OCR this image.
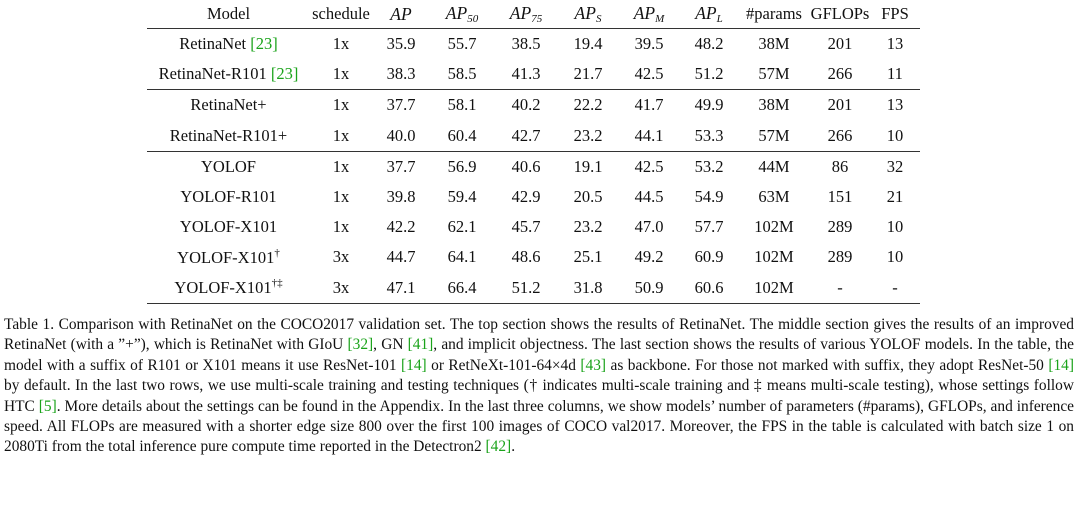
Model	schedule	AP	$AP_{50}$	$AP_{75}$	$AP_S$	$AP_M$	$AP_L$	#params	GFLOPs	FPS
RetinaNet [23]	1x	35.9	55.7	38.5	19.4	39.5	48.2	38M	201	13
RetinaNet-R101 [23]	1x	38.3	58.5	41.3	21.7	42.5	51.2	57M	266	11
RetinaNet+	1x	37.7	58.1	40.2	22.2	41.7	49.9	38M	201	13
RetinaNet-R101+	1x	40.0	60.4	42.7	23.2	44.1	53.3	57M	266	10
YOLOF	1x	37.7	56.9	40.6	19.1	42.5	53.2	44M	86	32
YOLOF-R101	1x	39.8	59.4	42.9	20.5	44.5	54.9	63M	151	21
YOLOF-X101	1x	42.2	62.1	45.7	23.2	47.0	57.7	102M	289	10
YOLOF-X101†	3x	44.7	64.1	48.6	25.1	49.2	60.9	102M	289	10
YOLOF-X101†‡	3x	47.1	66.4	51.2	31.8	50.9	60.6	102M	-	-

Table 1. Comparison with RetinaNet on the COCO2017 validation set. The top section shows the results of RetinaNet. The middle section gives the results of an improved RetinaNet (with a ”+”), which is RetinaNet with GIoU [32], GN [41], and implicit objectness. The last section shows the results of various YOLOF models. In the table, the model with a suffix of R101 or X101 means it use ResNet-101 [14] or RetNeXt-101-64×4d [43] as backbone. For those not marked with suffix, they adopt ResNet-50 [14] by default. In the last two rows, we use multi-scale training and testing techniques († indicates multi-scale training and ‡ means multi-scale testing), whose settings follow HTC [5]. More details about the settings can be found in the Appendix. In the last three columns, we show models’ number of parameters (#params), GFLOPs, and inference speed. All FLOPs are measured with a shorter edge size 800 over the first 100 images of COCO val2017. Moreover, the FPS in the table is calculated with batch size 1 on 2080Ti from the total inference pure compute time reported in the Detectron2 [42].
